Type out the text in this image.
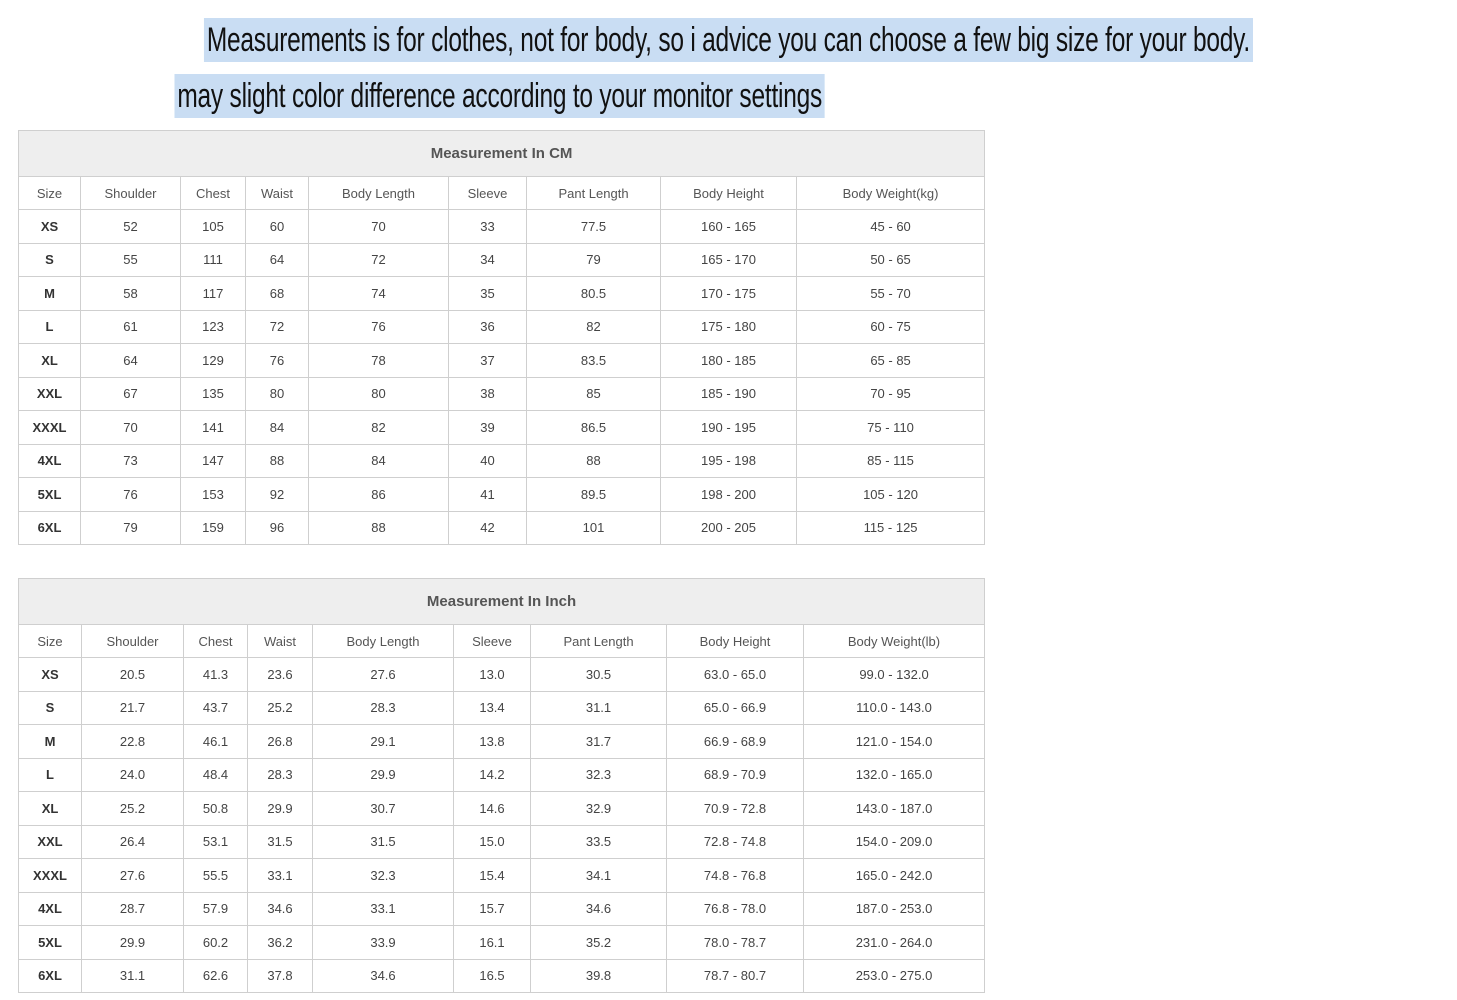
Measurements is for clothes, not for body, so i advice you can choose a few big size for your body.
may slight color difference according to your monitor settings
Measurement In CM								
Size	Shoulder	Chest	Waist	Body Length	Sleeve	Pant Length	Body Height	Body Weight(kg)
XS	52	105	60	70	33	77.5	160 - 165	45 - 60
S	55	111	64	72	34	79	165 - 170	50 - 65
M	58	117	68	74	35	80.5	170 - 175	55 - 70
L	61	123	72	76	36	82	175 - 180	60 - 75
XL	64	129	76	78	37	83.5	180 - 185	65 - 85
XXL	67	135	80	80	38	85	185 - 190	70 - 95
XXXL	70	141	84	82	39	86.5	190 - 195	75 - 110
4XL	73	147	88	84	40	88	195 - 198	85 - 115
5XL	76	153	92	86	41	89.5	198 - 200	105 - 120
6XL	79	159	96	88	42	101	200 - 205	115 - 125
Measurement In Inch								
Size	Shoulder	Chest	Waist	Body Length	Sleeve	Pant Length	Body Height	Body Weight(lb)
XS	20.5	41.3	23.6	27.6	13.0	30.5	63.0 - 65.0	99.0 - 132.0
S	21.7	43.7	25.2	28.3	13.4	31.1	65.0 - 66.9	110.0 - 143.0
M	22.8	46.1	26.8	29.1	13.8	31.7	66.9 - 68.9	121.0 - 154.0
L	24.0	48.4	28.3	29.9	14.2	32.3	68.9 - 70.9	132.0 - 165.0
XL	25.2	50.8	29.9	30.7	14.6	32.9	70.9 - 72.8	143.0 - 187.0
XXL	26.4	53.1	31.5	31.5	15.0	33.5	72.8 - 74.8	154.0 - 209.0
XXXL	27.6	55.5	33.1	32.3	15.4	34.1	74.8 - 76.8	165.0 - 242.0
4XL	28.7	57.9	34.6	33.1	15.7	34.6	76.8 - 78.0	187.0 - 253.0
5XL	29.9	60.2	36.2	33.9	16.1	35.2	78.0 - 78.7	231.0 - 264.0
6XL	31.1	62.6	37.8	34.6	16.5	39.8	78.7 - 80.7	253.0 - 275.0
